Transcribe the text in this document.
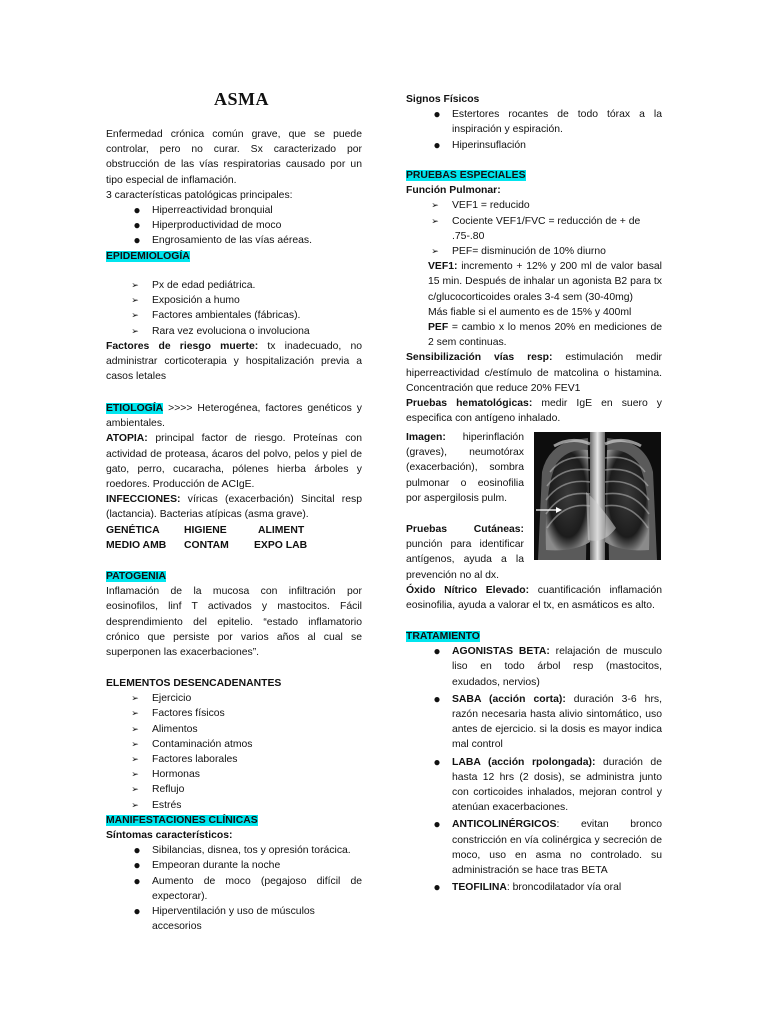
ASMA

Enfermedad crónica común grave, que se puede controlar, pero no curar. Sx caracterizado por obstrucción de las vías respiratorias causado por un tipo especial de inflamación.

3 características patológicas principales:

●	Hiperreactividad bronquial
●	Hiperproductividad de moco
●	Engrosamiento de las vías aéreas.

EPIDEMIOLOGÍA

➢	Px de edad pediátrica.
➢	Exposición a humo
➢	Factores ambientales (fábricas).
➢	Rara vez evoluciona o involuciona

Factores de riesgo muerte: tx inadecuado, no administrar corticoterapia y hospitalización previa a casos letales

ETIOLOGÍA >>>> Heterogénea, factores genéticos y ambientales.

ATOPIA: principal factor de riesgo. Proteínas con actividad de proteasa, ácaros del polvo, pelos y piel de gato, perro, cucaracha, pólenes hierba árboles y roedores. Producción de ACIgE.

INFECCIONES: víricas (exacerbación) Sincital resp (lactancia). Bacterias atípicas (asma grave).

GENÉTICA	HIGIENE	ALIMENT
MEDIO AMB	CONTAM	EXPO LAB

PATOGENIA

Inflamación de la mucosa con infiltración por eosinofilos, linf T activados y mastocitos. Fácil desprendimiento del epitelio. “estado inflamatorio crónico que persiste por varios años al cual se superponen las exacerbaciones”.

ELEMENTOS DESENCADENANTES

➢	Ejercicio
➢	Factores físicos
➢	Alimentos
➢	Contaminación atmos
➢	Factores laborales
➢	Hormonas
➢	Reflujo
➢	Estrés

MANIFESTACIONES CLÍNICAS

Síntomas característicos:

●	Sibilancias, disnea, tos y opresión torácica.
●	Empeoran durante la noche
●	Aumento de moco (pegajoso difícil de expectorar).
●	Hiperventilación y uso de músculos accesorios

Signos Físicos

●	Estertores rocantes de todo tórax a la inspiración y espiración.
●	Hiperinsuflación

PRUEBAS ESPECIALES

Función Pulmonar:

➢	VEF1 = reducido
➢	Cociente VEF1/FVC = reducción de + de .75-.80
➢	PEF= disminución de 10% diurno

VEF1: incremento + 12% y 200 ml de valor basal 15 min. Después de inhalar un agonista B2 para tx c/glucocorticoides orales 3-4 sem (30-40mg)

Más fiable si el aumento es de 15% y 400ml

PEF = cambio x lo menos 20% en mediciones de 2 sem continuas.

Sensibilización vías resp: estimulación medir hiperreactividad c/estímulo de matcolina o histamina. Concentración que reduce 20% FEV1

Pruebas hematológicas: medir IgE en suero y especifica con antígeno inhalado.

Imagen: hiperinflación (graves), neumotórax (exacerbación), sombra pulmonar o eosinofilia por aspergilosis pulm.

Pruebas Cutáneas: punción para identificar antígenos, ayuda a la prevención no al dx.

Óxido Nítrico Elevado: cuantificación inflamación eosinofilia, ayuda a valorar el tx, en asmáticos es alto.

TRATAMIENTO

●	AGONISTAS BETA: relajación de musculo liso en todo árbol resp (mastocitos, exudados, nervios)
●	SABA (acción corta): duración 3-6 hrs, razón necesaria hasta alivio sintomático, uso antes de ejercicio. si la dosis es mayor indica mal control
●	LABA (acción rpolongada): duración de hasta 12 hrs (2 dosis), se administra junto con corticoides inhalados, mejoran control y atenúan exacerbaciones.
●	ANTICOLINÉRGICOS: evitan bronco constricción en vía colinérgica y secreción de moco, uso en asma no controlado. su administración se hace tras BETA
●	TEOFILINA: broncodilatador vía oral
